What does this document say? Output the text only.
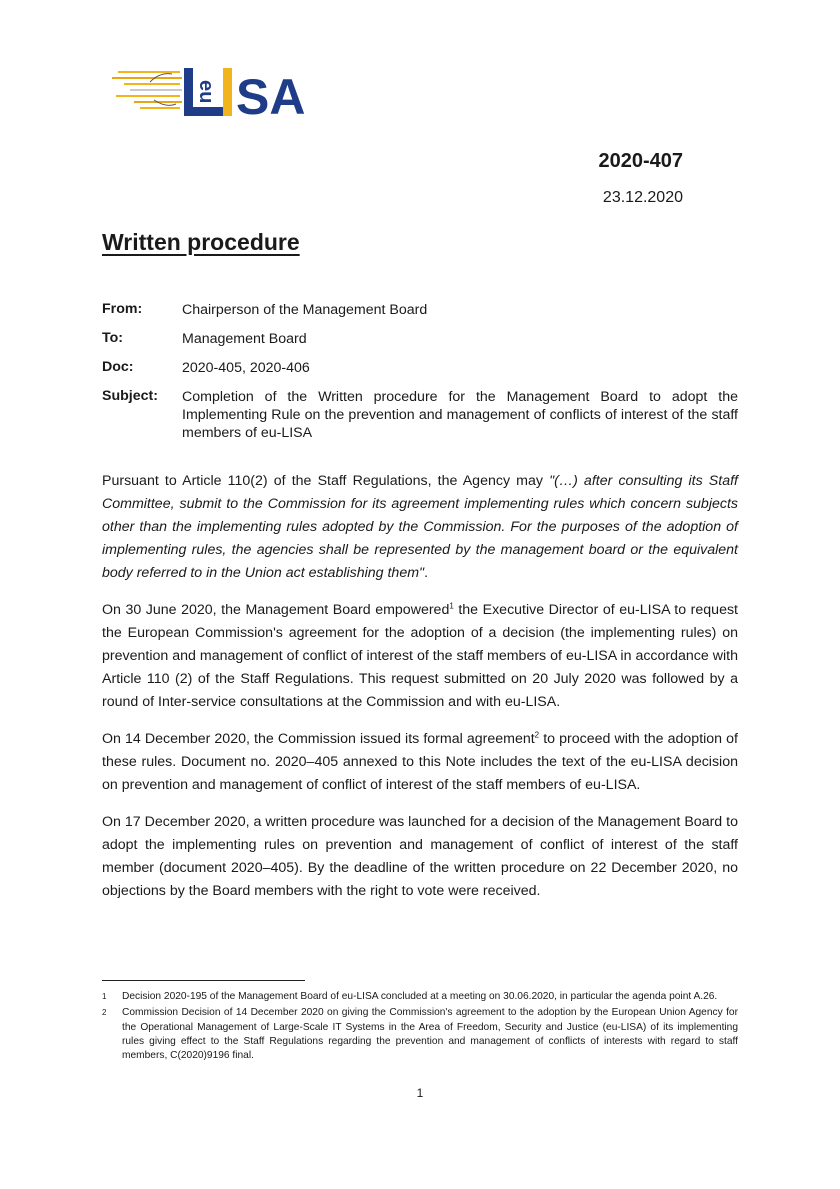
eu SA
2020-407
23.12.2020
Written procedure
From:	Chairperson of the Management Board
To:	Management Board
Doc:	2020-405, 2020-406
Subject:	Completion of the Written procedure for the Management Board to adopt the Implementing Rule on the prevention and management of conflicts of interest of the staff members of eu-LISA

Pursuant to Article 110(2) of the Staff Regulations, the Agency may "(…) after consulting its Staff Committee, submit to the Commission for its agreement implementing rules which concern subjects other than the implementing rules adopted by the Commission. For the purposes of the adoption of implementing rules, the agencies shall be represented by the management board or the equivalent body referred to in the Union act establishing them".

On 30 June 2020, the Management Board empowered$^1$ the Executive Director of eu-LISA to request the European Commission's agreement for the adoption of a decision (the implementing rules) on prevention and management of conflict of interest of the staff members of eu-LISA in accordance with Article 110 (2) of the Staff Regulations. This request submitted on 20 July 2020 was followed by a round of Inter-service consultations at the Commission and with eu-LISA.

On 14 December 2020, the Commission issued its formal agreement$^2$ to proceed with the adoption of these rules. Document no. 2020–405 annexed to this Note includes the text of the eu-LISA decision on prevention and management of conflict of interest of the staff members of eu-LISA.

On 17 December 2020, a written procedure was launched for a decision of the Management Board to adopt the implementing rules on prevention and management of conflict of interest of the staff member (document 2020–405). By the deadline of the written procedure on 22 December 2020, no objections by the Board members with the right to vote were received.

1	Decision 2020-195 of the Management Board of eu-LISA concluded at a meeting on 30.06.2020, in particular the agenda point A.26.
2	Commission Decision of 14 December 2020 on giving the Commission's agreement to the adoption by the European Union Agency for the Operational Management of Large-Scale IT Systems in the Area of Freedom, Security and Justice (eu-LISA) of its implementing rules giving effect to the Staff Regulations regarding the prevention and management of conflicts of interests with regard to staff members, C(2020)9196 final.
1
